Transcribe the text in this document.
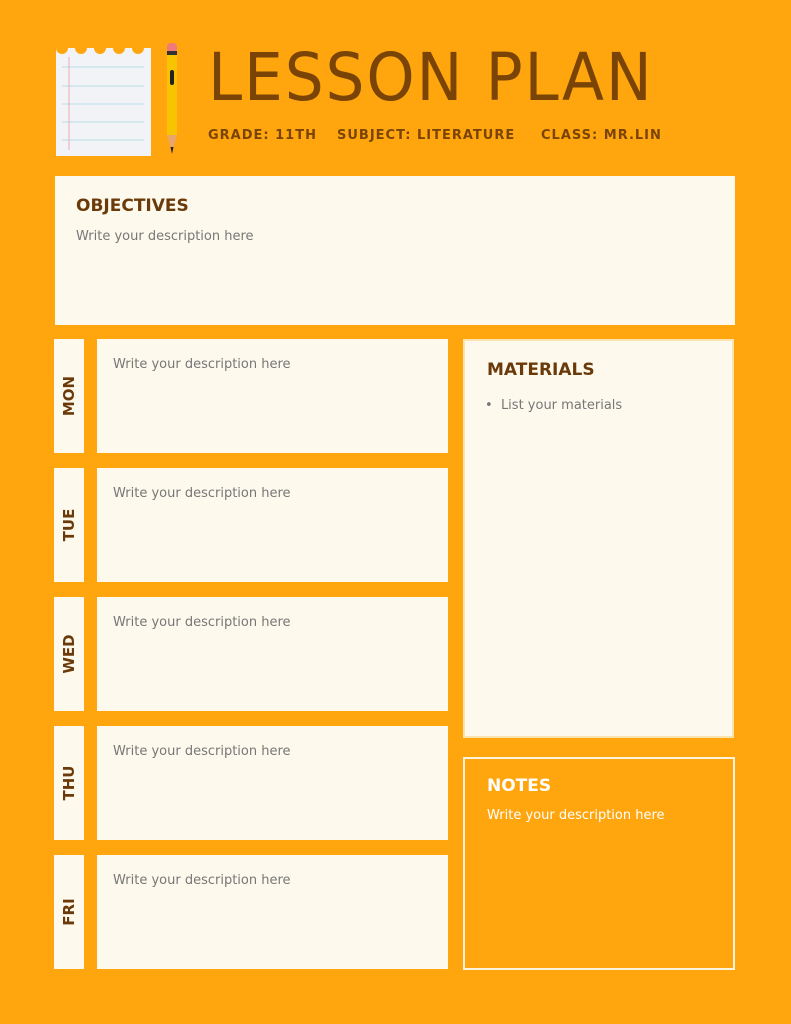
LESSON PLAN
GRADE: 11TH SUBJECT: LITERATURE CLASS: MR.LIN
OBJECTIVES
Write your description here
MON
Write your description here
TUE
Write your description here
WED
Write your description here
THU
Write your description here
FRI
Write your description here
MATERIALS
• List your materials
NOTES
Write your description here
